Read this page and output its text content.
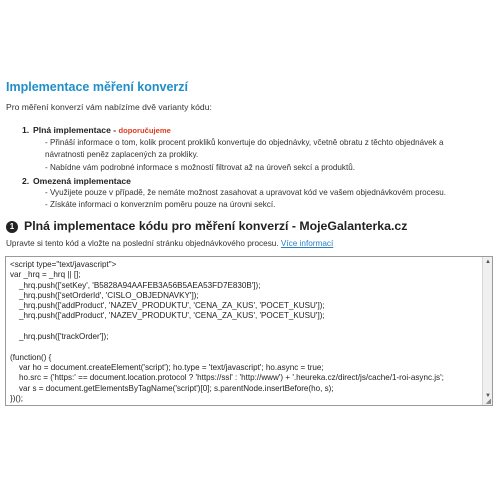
Implementace měření konverzí
Pro měření konverzí vám nabízíme dvě varianty kódu:
1. Plná implementace - doporučujeme
- Přináší informace o tom, kolik procent prokliků konvertuje do objednávky, včetně obratu z těchto objednávek a návratnosti peněz zaplacených za prokliky.
- Nabídne vám podrobné informace s možností filtrovat až na úroveň sekcí a produktů.
2. Omezená implementace
- Využijete pouze v případě, že nemáte možnost zasahovat a upravovat kód ve vašem objednávkovém procesu.
- Získáte informaci o konverzním poměru pouze na úrovni sekcí.
1 Plná implementace kódu pro měření konverzí - MojeGalanterka.cz
Upravte si tento kód a vložte na poslední stránku objednávkového procesu. Více informací
<script type="text/javascript">
var _hrq = _hrq || [];
_hrq.push(['setKey', 'B5828A94AAFEB3A56B5AEA53FD7E830B']);
_hrq.push(['setOrderId', 'CISLO_OBJEDNAVKY']);
_hrq.push(['addProduct', 'NAZEV_PRODUKTU', 'CENA_ZA_KUS', 'POCET_KUSU']);
_hrq.push(['addProduct', 'NAZEV_PRODUKTU', 'CENA_ZA_KUS', 'POCET_KUSU']);

_hrq.push(['trackOrder']);

(function() {
var ho = document.createElement('script'); ho.type = 'text/javascript'; ho.async = true;
ho.src = ('https:' == document.location.protocol ? 'https://ssl' : 'http://www') + '.heureka.cz/direct/js/cache/1-roi-async.js';
var s = document.getElementsByTagName('script')[0]; s.parentNode.insertBefore(ho, s);
})();
▲
▼
◢
